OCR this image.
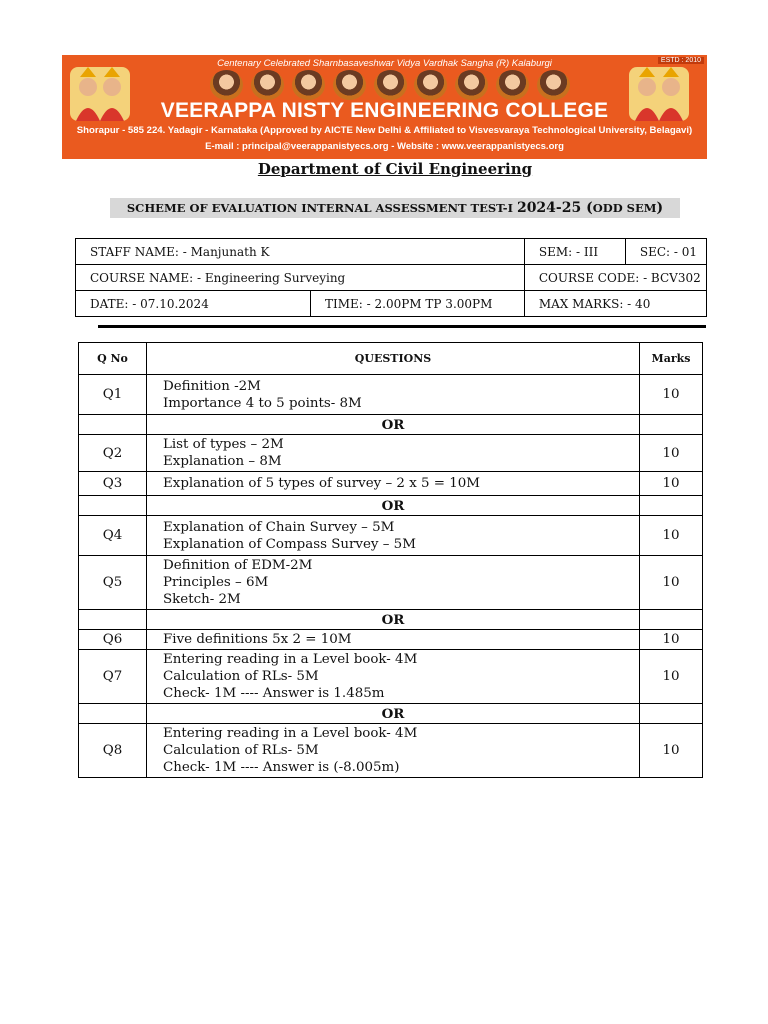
ESTD : 2010
Centenary Celebrated Sharnbasaveshwar Vidya Vardhak Sangha (R) Kalaburgi
VEERAPPA NISTY ENGINEERING COLLEGE
Shorapur - 585 224. Yadagir - Karnataka (Approved by AICTE New Delhi & Affiliated to Visvesvaraya Technological University, Belagavi)
E-mail : principal@veerappanistyecs.org - Website : www.veerappanistyecs.org
Department of Civil Engineering
SCHEME OF EVALUATION INTERNAL ASSESSMENT TEST-I 2024-25 (ODD SEM)
STAFF NAME: - Manjunath K		SEM: - III	SEC: - 01
COURSE NAME: - Engineering Surveying		COURSE CODE: - BCV302	
DATE: - 07.10.2024	TIME: - 2.00PM TP 3.00PM	MAX MARKS: - 40	
Q No	QUESTIONS	Marks
Q1	Definition -2M
Importance 4 to 5 points- 8M	10
	OR	
Q2	List of types – 2M
Explanation – 8M	10
Q3	Explanation of 5 types of survey – 2 x 5 = 10M	10
	OR	
Q4	Explanation of Chain Survey – 5M
Explanation of Compass Survey – 5M	10
Q5	Definition of EDM-2M
Principles – 6M
Sketch- 2M	10
	OR	
Q6	Five definitions 5x 2 = 10M	10
Q7	Entering reading in a Level book- 4M
Calculation of RLs- 5M
Check- 1M ---- Answer is 1.485m	10
	OR	
Q8	Entering reading in a Level book- 4M
Calculation of RLs- 5M
Check- 1M ---- Answer is (-8.005m)	10
